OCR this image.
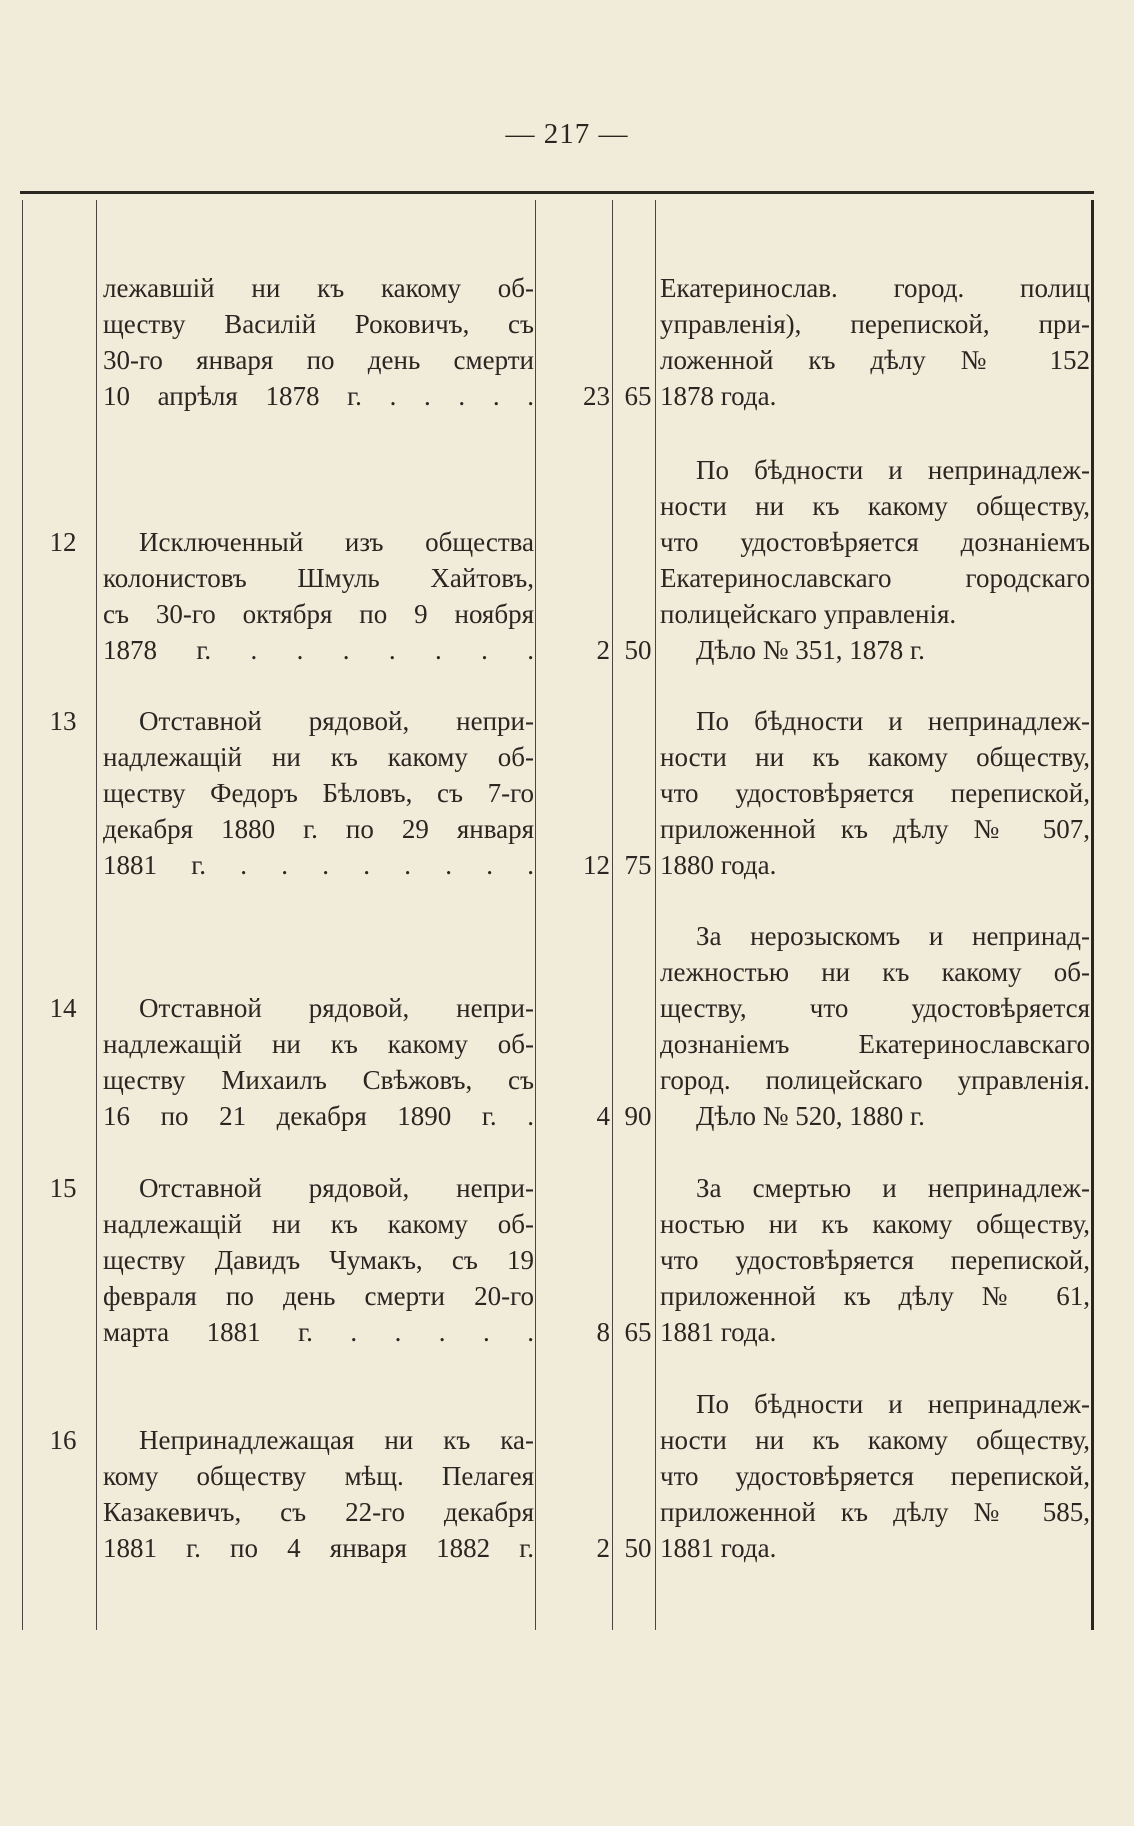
— 217 —
лежавшій ни къ какому об-
ществу Василій Роковичъ, съ
30-го января по день смерти
10 апрѣля 1878 г. . . . . .	23 65
Екатеринослав. город. полиц
управленія), перепиской, при-
ложенной къ дѣлу № 152
1878 года.
12	Исключенный изъ общества
колонистовъ Шмуль Хайтовъ,
съ 30-го октября по 9 ноября
1878 г. . . . . . . .	2 50
По бѣдности и непринадлеж-
ности ни къ какому обществу,
что удостовѣряется дознаніемъ
Екатеринославскаго городскаго
полицейскаго управленія.
Дѣло № 351, 1878 г.
13	Отставной рядовой, непри-
надлежащій ни къ какому об-
ществу Федоръ Бѣловъ, съ 7-го
декабря 1880 г. по 29 января
1881 г. . . . . . . . .	12 75
По бѣдности и непринадлеж-
ности ни къ какому обществу,
что удостовѣряется перепиской,
приложенной къ дѣлу № 507,
1880 года.
14	Отставной рядовой, непри-
надлежащій ни къ какому об-
ществу Михаилъ Свѣжовъ, съ
16 по 21 декабря 1890 г. .	4 90
За нерозыскомъ и непринад-
лежностью ни къ какому об-
ществу, что удостовѣряется
дознаніемъ Екатеринославскаго
город. полицейскаго управленія.
Дѣло № 520, 1880 г.
15	Отставной рядовой, непри-
надлежащій ни къ какому об-
ществу Давидъ Чумакъ, съ 19
февраля по день смерти 20-го
марта 1881 г. . . . . .	8 65
За смертью и непринадлеж-
ностью ни къ какому обществу,
что удостовѣряется перепиской,
приложенной къ дѣлу № 61,
1881 года.
16	Непринадлежащая ни къ ка-
кому обществу мѣщ. Пелагея
Казакевичъ, съ 22-го декабря
1881 г. по 4 января 1882 г.	2 50
По бѣдности и непринадлеж-
ности ни къ какому обществу,
что удостовѣряется перепиской,
приложенной къ дѣлу № 585,
1881 года.
